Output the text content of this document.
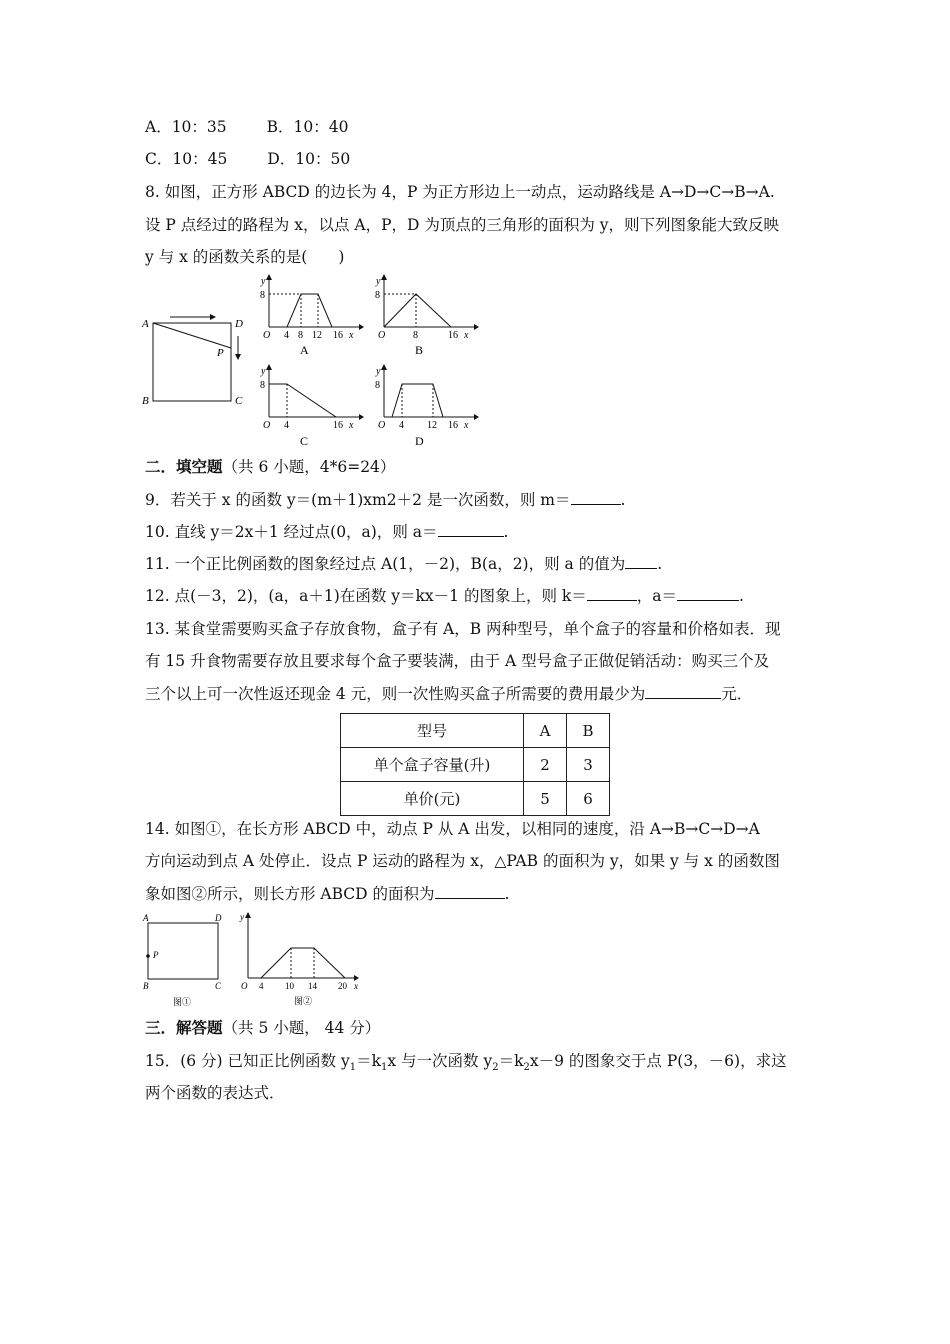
A．10：35	B．10：40
C．10：45	D．10：50
8. 如图，正方形 ABCD 的边长为 4，P 为正方形边上一动点，运动路线是 A→D→C→B→A.
设 P 点经过的路程为 x，以点 A，P，D 为顶点的三角形的面积为 y，则下列图象能大致反映
y 与 x 的函数关系的是(　　)
A	D
P
B	C
y
8
O 4 8 12 16 x
A
y
8
O	8	16 x
B
y
8
O 4	16 x
C
y
8
O 4 12 16 x
D
二．填空题（共 6 小题，4*6=24）
9．若关于 x 的函数 y＝(m＋1)xm2＋2 是一次函数，则 m＝	.
10. 直线 y＝2x＋1 经过点(0，a)，则 a＝	.
11. 一个正比例函数的图象经过点 A(1，－2)，B(a，2)，则 a 的值为 .
12. 点(－3，2)，(a，a＋1)在函数 y＝kx－1 的图象上，则 k＝	，a＝	.
13. 某食堂需要购买盒子存放食物，盒子有 A，B 两种型号，单个盒子的容量和价格如表．现
有 15 升食物需要存放且要求每个盒子要装满，由于 A 型号盒子正做促销活动：购买三个及
三个以上可一次性返还现金 4 元，则一次性购买盒子所需要的费用最少为	元．
型号	A	B
单个盒子容量(升)	2	3
单价(元)	5	6
14. 如图①，在长方形 ABCD 中，动点 P 从 A 出发，以相同的速度，沿 A→B→C→D→A
方向运动到点 A 处停止．设点 P 运动的路程为 x，△PAB 的面积为 y，如果 y 与 x 的函数图
象如图②所示，则长方形 ABCD 的面积为	.
A	D
P
B	C
图①
y
O 4 10 14 20 x
图②
三．解答题（共 5 小题， 44 分）
15．(6 分) 已知正比例函数 $y_1=k_1x$ 与一次函数 $y_2=k_2x-9$ 的图象交于点 P(3，－6)，求这
两个函数的表达式．
